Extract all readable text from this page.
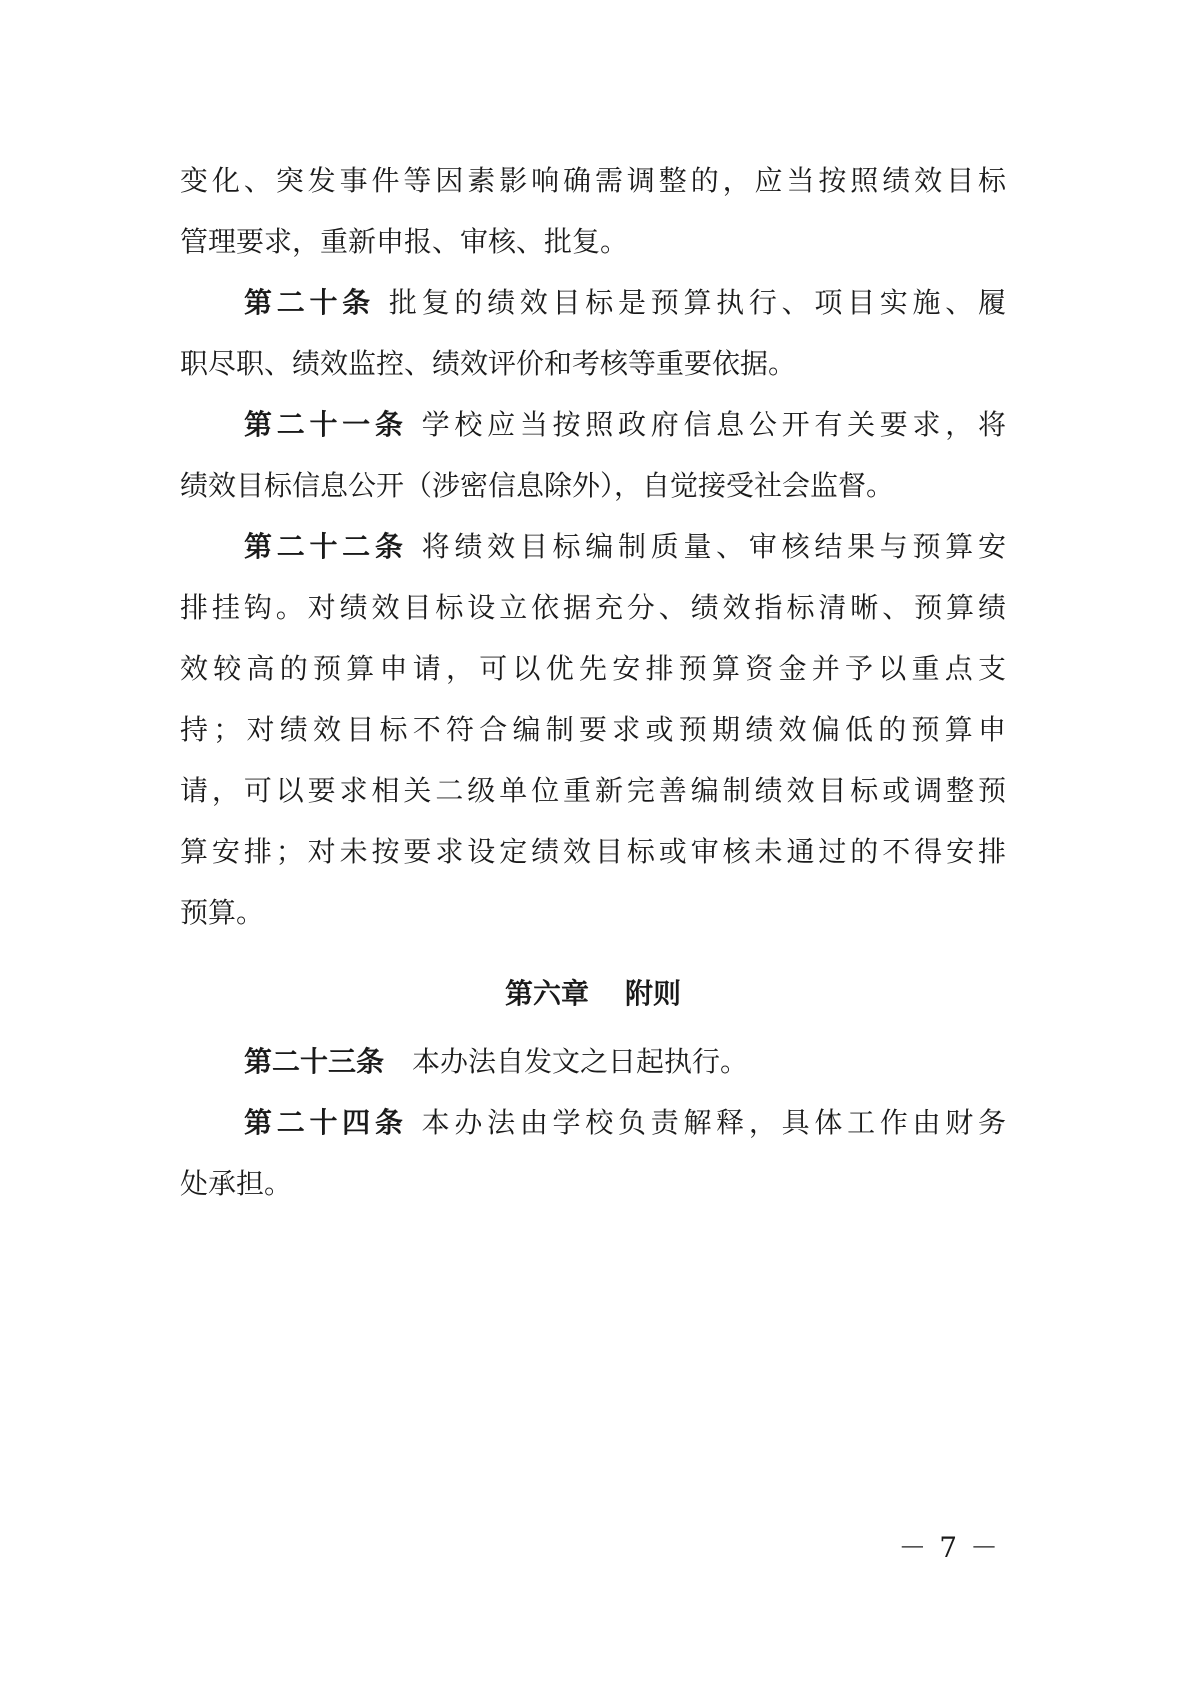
变化、突发事件等因素影响确需调整的，应当按照绩效目标
管理要求，重新申报、审核、批复。
第二十条 批复的绩效目标是预算执行、项目实施、履
职尽职、绩效监控、绩效评价和考核等重要依据。
第二十一条 学校应当按照政府信息公开有关要求，将
绩效目标信息公开（涉密信息除外），自觉接受社会监督。
第二十二条 将绩效目标编制质量、审核结果与预算安
排挂钩。对绩效目标设立依据充分、绩效指标清晰、预算绩
效较高的预算申请，可以优先安排预算资金并予以重点支
持；对绩效目标不符合编制要求或预期绩效偏低的预算申
请，可以要求相关二级单位重新完善编制绩效目标或调整预
算安排；对未按要求设定绩效目标或审核未通过的不得安排
预算。
第六章 附则
第二十三条 本办法自发文之日起执行。
第二十四条 本办法由学校负责解释，具体工作由财务
处承担。
－ 7 －
